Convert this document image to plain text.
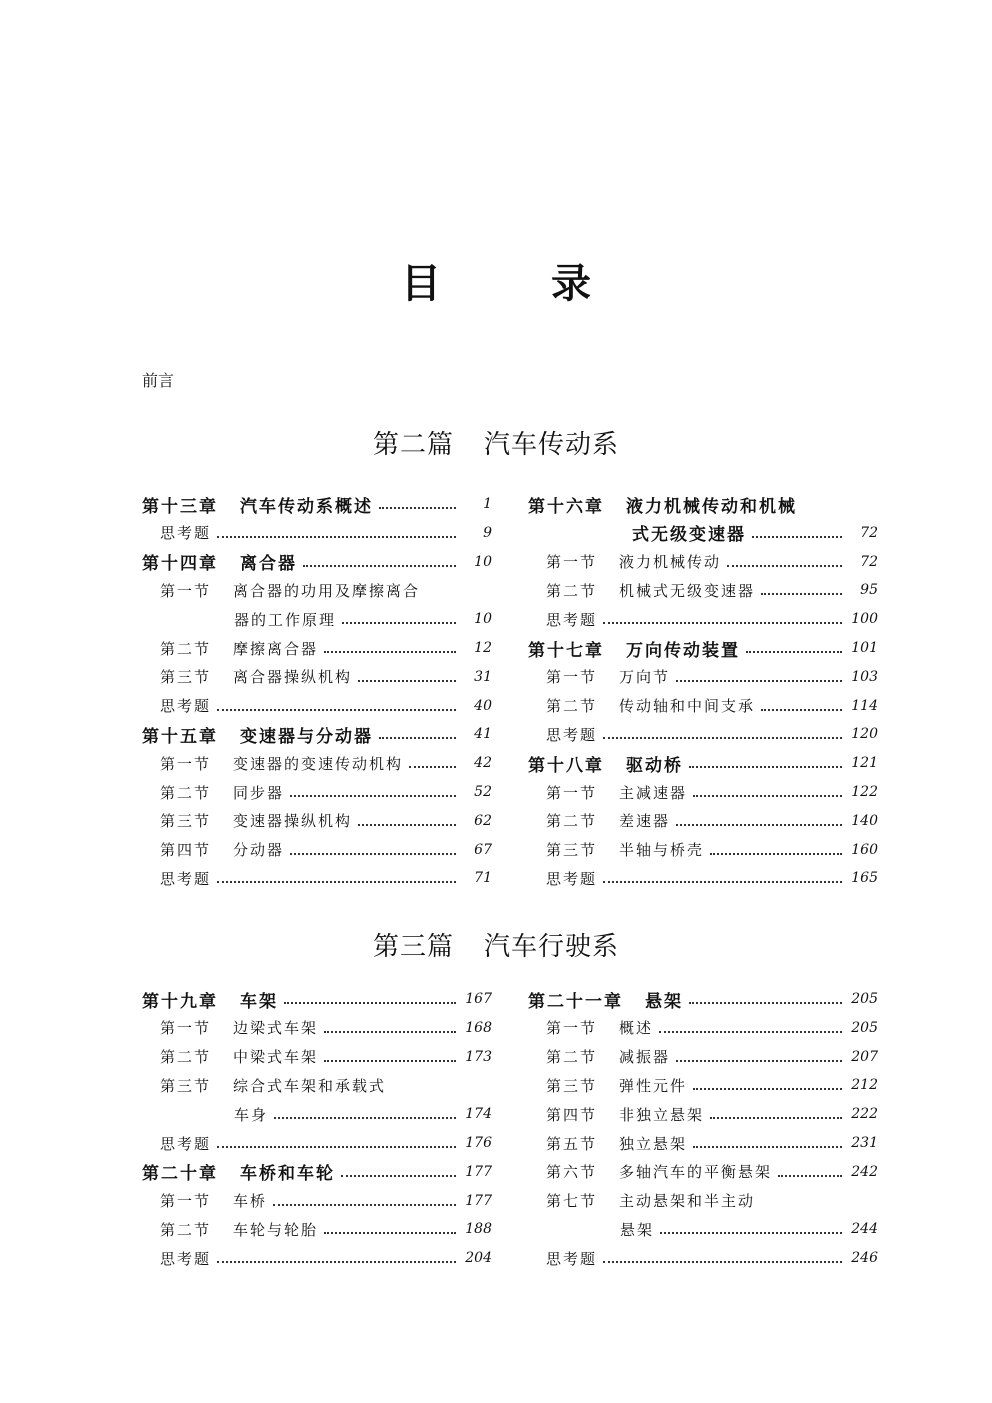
目	录
前言
第二篇 汽车传动系
第十三章 汽车传动系概述	1
思考题	9
第十四章 离合器	10
第一节 离合器的功用及摩擦离合
器的工作原理	10
第二节 摩擦离合器	12
第三节 离合器操纵机构	31
思考题	40
第十五章 变速器与分动器	41
第一节 变速器的变速传动机构	42
第二节 同步器	52
第三节 变速器操纵机构	62
第四节 分动器	67
思考题	71
第十六章 液力机械传动和机械
式无级变速器	72
第一节 液力机械传动	72
第二节 机械式无级变速器	95
思考题	100
第十七章 万向传动装置	101
第一节 万向节	103
第二节 传动轴和中间支承	114
思考题	120
第十八章 驱动桥	121
第一节 主减速器	122
第二节 差速器	140
第三节 半轴与桥壳	160
思考题	165
第三篇 汽车行驶系
第十九章 车架	167
第一节 边梁式车架	168
第二节 中梁式车架	173
第三节 综合式车架和承载式
车身	174
思考题	176
第二十章 车桥和车轮	177
第一节 车桥	177
第二节 车轮与轮胎	188
思考题	204
第二十一章 悬架	205
第一节 概述	205
第二节 减振器	207
第三节 弹性元件	212
第四节 非独立悬架	222
第五节 独立悬架	231
第六节 多轴汽车的平衡悬架	242
第七节 主动悬架和半主动
悬架	244
思考题	246
